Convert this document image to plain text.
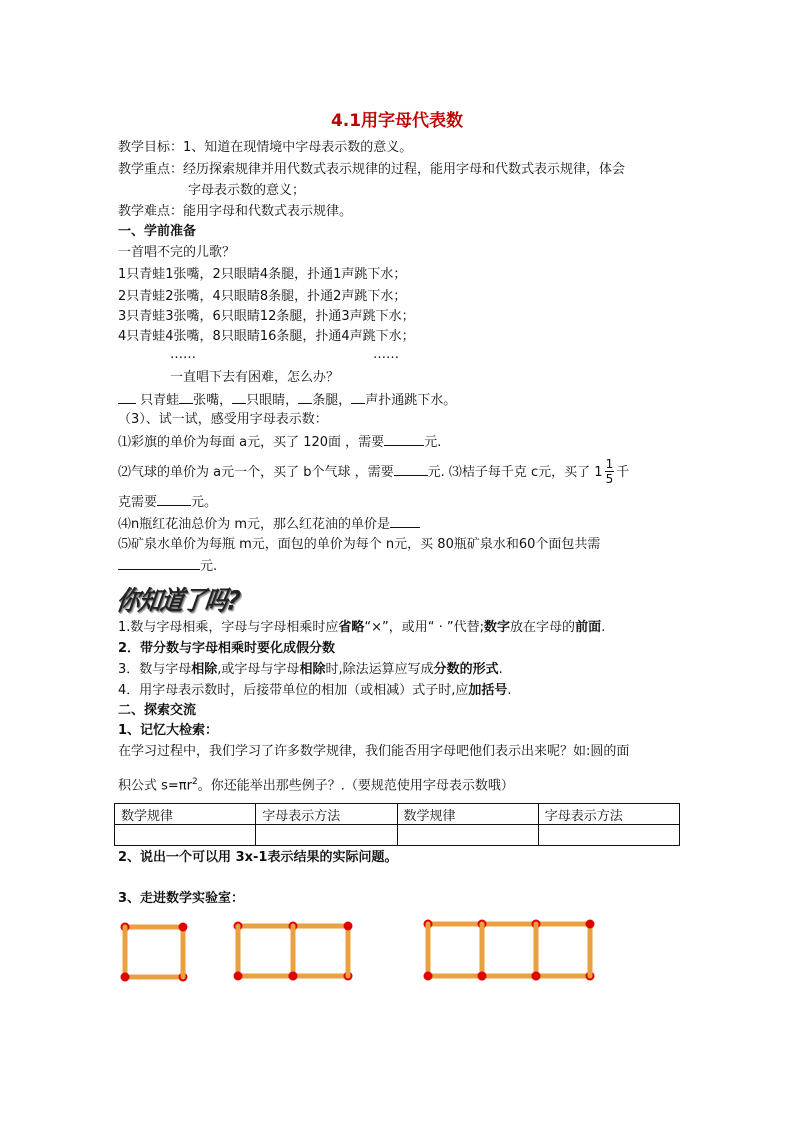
4.1用字母代表数
教学目标：1、知道在现情境中字母表示数的意义。
教学重点：经历探索规律并用代数式表示规律的过程，能用字母和代数式表示规律，体会
字母表示数的意义；
教学难点：能用字母和代数式表示规律。
一、学前准备
一首唱不完的儿歌？
1只青蛙1张嘴，2只眼睛4条腿，扑通1声跳下水；
2只青蛙2张嘴，4只眼睛8条腿，扑通2声跳下水；
3只青蛙3张嘴，6只眼睛12条腿，扑通3声跳下水；
4只青蛙4张嘴，8只眼睛16条腿，扑通4声跳下水；
……	……
一直唱下去有困难，怎么办？
只青蛙 张嘴， 只眼睛， 条腿， 声扑通跳下水。
（3）、试一试，感受用字母表示数：
⑴彩旗的单价为每面 a元，买了 120面 ，需要	元.
⑵气球的单价为 a元一个，买了 b个气球 ，需要	元. ⑶桔子每千克 c元，买了 $1 \frac{1}{5}$ 千
克需要	元。
⑷n瓶红花油总价为 m元，那么红花油的单价是
⑸矿泉水单价为每瓶 m元，面包的单价为每个 n元，买 80瓶矿泉水和60个面包共需
元.
你知道了吗?
1.数与字母相乘，字母与字母相乘时应省略“×”，或用“ · ”代替;数字放在字母的前面.
2．带分数与字母相乘时要化成假分数
3．数与字母相除,或字母与字母相除时,除法运算应写成分数的形式.
4．用字母表示数时，后接带单位的相加（或相减）式子时,应加括号.
二、探索交流
1、记忆大检索：
在学习过程中，我们学习了许多数学规律，我们能否用字母吧他们表示出来呢？如:圆的面
积公式 $s=\pi r^2$。你还能举出那些例子？.（要规范使用字母表示数哦）
数学规律	字母表示方法	数学规律	字母表示方法

2、说出一个可以用 3x-1表示结果的实际问题。
3、走进数学实验室：
